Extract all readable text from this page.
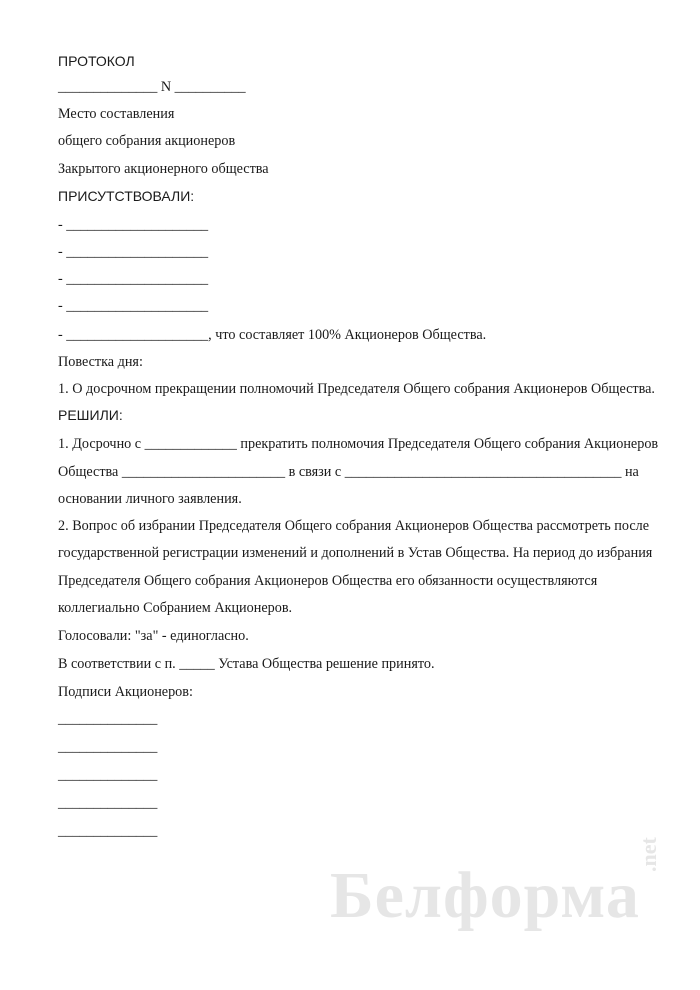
ПРОТОКОЛ
______________ N __________
Место составления
общего собрания акционеров
Закрытого акционерного общества
ПРИСУТСТВОВАЛИ:
- ____________________
- ____________________
- ____________________
- ____________________
- ____________________, что составляет 100% Акционеров Общества.
Повестка дня:
1. О досрочном прекращении полномочий Председателя Общего собрания Акционеров Общества.
РЕШИЛИ:
1. Досрочно с _____________ прекратить полномочия Председателя Общего собрания Акционеров
Общества _______________________ в связи с _______________________________________ на
основании личного заявления.
2. Вопрос об избрании Председателя Общего собрания Акционеров Общества рассмотреть после
государственной регистрации изменений и дополнений в Устав Общества. На период до избрания
Председателя Общего собрания Акционеров Общества его обязанности осуществляются
коллегиально Собранием Акционеров.
Голосовали: "за" - единогласно.
В соответствии с п. _____ Устава Общества решение принято.
Подписи Акционеров:
______________
______________
______________
______________
______________
Белформа
.net
